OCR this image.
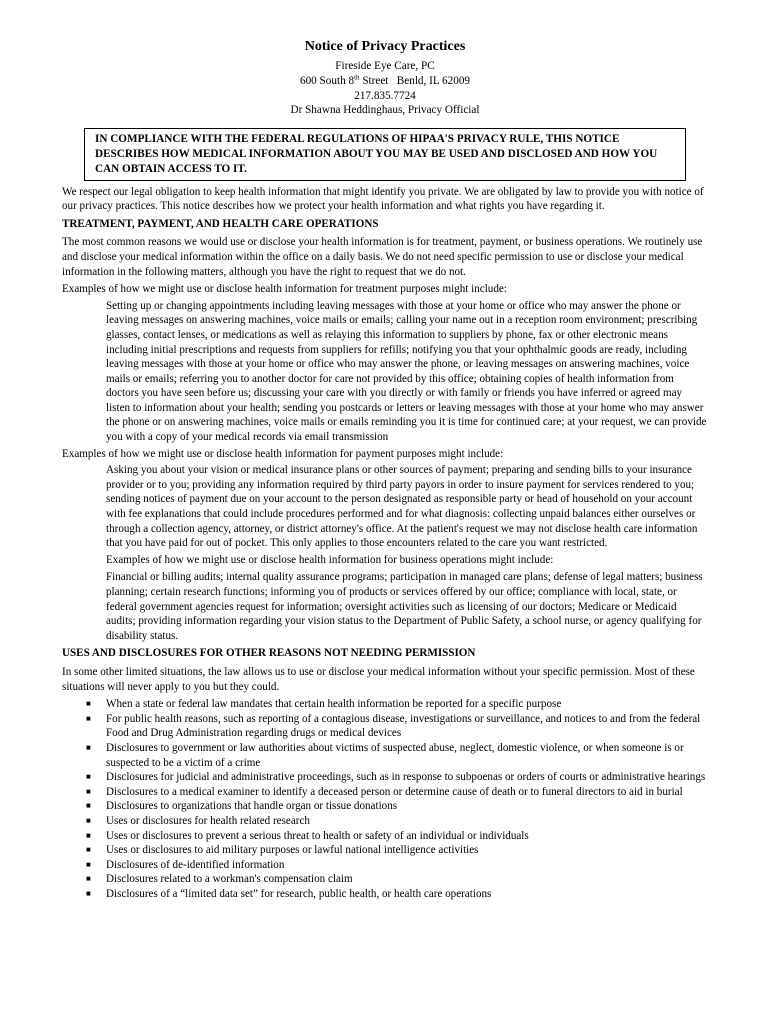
Notice of Privacy Practices
Fireside Eye Care, PC
600 South 8th Street   Benld, IL 62009
217.835.7724
Dr Shawna Heddinghaus, Privacy Official
IN COMPLIANCE WITH THE FEDERAL REGULATIONS OF HIPAA'S PRIVACY RULE, THIS NOTICE DESCRIBES HOW MEDICAL INFORMATION ABOUT YOU MAY BE USED AND DISCLOSED AND HOW YOU CAN OBTAIN ACCESS TO IT.

We respect our legal obligation to keep health information that might identify you private. We are obligated by law to provide you with notice of our privacy practices. This notice describes how we protect your health information and what rights you have regarding it.

TREATMENT, PAYMENT, AND HEALTH CARE OPERATIONS

The most common reasons we would use or disclose your health information is for treatment, payment, or business operations. We routinely use and disclose your medical information within the office on a daily basis. We do not need specific permission to use or disclose your medical information in the following matters, although you have the right to request that we do not.

Examples of how we might use or disclose health information for treatment purposes might include:

Setting up or changing appointments including leaving messages with those at your home or office who may answer the phone or leaving messages on answering machines, voice mails or emails; calling your name out in a reception room environment; prescribing glasses, contact lenses, or medications as well as relaying this information to suppliers by phone, fax or other electronic means including initial prescriptions and requests from suppliers for refills; notifying you that your ophthalmic goods are ready, including leaving messages with those at your home or office who may answer the phone, or leaving messages on answering machines, voice mails or emails; referring you to another doctor for care not provided by this office; obtaining copies of health information from doctors you have seen before us; discussing your care with you directly or with family or friends you have inferred or agreed may listen to information about your health; sending you postcards or letters or leaving messages with those at your home who may answer the phone or on answering machines, voice mails or emails reminding you it is time for continued care; at your request, we can provide you with a copy of your medical records via email transmission

Examples of how we might use or disclose health information for payment purposes might include:

Asking you about your vision or medical insurance plans or other sources of payment; preparing and sending bills to your insurance provider or to you; providing any information required by third party payors in order to insure payment for services rendered to you; sending notices of payment due on your account to the person designated as responsible party or head of household on your account with fee explanations that could include procedures performed and for what diagnosis: collecting unpaid balances either ourselves or through a collection agency, attorney, or district attorney's office. At the patient's request we may not disclose health care information that you have paid for out of pocket. This only applies to those encounters related to the care you want restricted.

Examples of how we might use or disclose health information for business operations might include:

Financial or billing audits; internal quality assurance programs; participation in managed care plans; defense of legal matters; business planning; certain research functions; informing you of products or services offered by our office; compliance with local, state, or federal government agencies request for information; oversight activities such as licensing of our doctors; Medicare or Medicaid audits; providing information regarding your vision status to the Department of Public Safety, a school nurse, or agency qualifying for disability status.

USES AND DISCLOSURES FOR OTHER REASONS NOT NEEDING PERMISSION

In some other limited situations, the law allows us to use or disclose your medical information without your specific permission. Most of these situations will never apply to you but they could.

■ When a state or federal law mandates that certain health information be reported for a specific purpose
■ For public health reasons, such as reporting of a contagious disease, investigations or surveillance, and notices to and from the federal Food and Drug Administration regarding drugs or medical devices
■ Disclosures to government or law authorities about victims of suspected abuse, neglect, domestic violence, or when someone is or suspected to be a victim of a crime
■ Disclosures for judicial and administrative proceedings, such as in response to subpoenas or orders of courts or administrative hearings
■ Disclosures to a medical examiner to identify a deceased person or determine cause of death or to funeral directors to aid in burial
■ Disclosures to organizations that handle organ or tissue donations
■ Uses or disclosures for health related research
■ Uses or disclosures to prevent a serious threat to health or safety of an individual or individuals
■ Uses or disclosures to aid military purposes or lawful national intelligence activities
■ Disclosures of de-identified information
■ Disclosures related to a workman's compensation claim
■ Disclosures of a “limited data set” for research, public health, or health care operations
